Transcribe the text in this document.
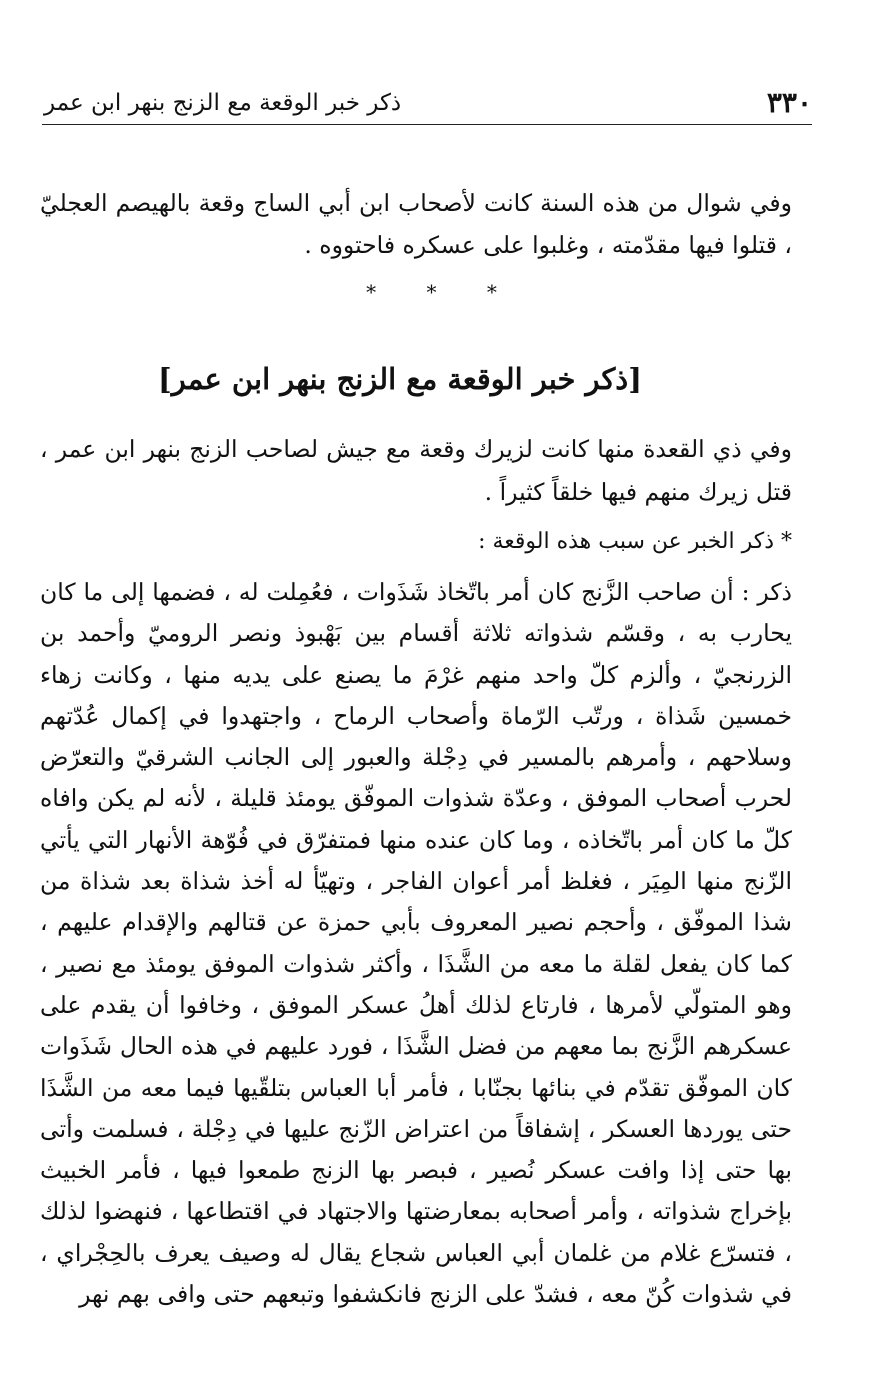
٣٣٠
ذكر خبر الوقعة مع الزنج بنهر ابن عمر
وفي شوال من هذه السنة كانت لأصحاب ابن أبي الساج وقعة بالهيصم العجليّ ، قتلوا فيها مقدّمته ، وغلبوا على عسكره فاحتووه .
* * *
[ذكر خبر الوقعة مع الزنج بنهر ابن عمر]
وفي ذي القعدة منها كانت لزيرك وقعة مع جيش لصاحب الزنج بنهر ابن عمر ، قتل زيرك منهم فيها خلقاً كثيراً .
* ذكر الخبر عن سبب هذه الوقعة :
ذكر : أن صاحب الزَّنج كان أمر باتّخاذ شَذَوات ، فعُمِلت له ، فضمها إلى ما كان يحارب به ، وقسّم شذواته ثلاثة أقسام بين بَهْبوذ ونصر الروميّ وأحمد بن الزرنجيّ ، وألزم كلّ واحد منهم غرْمَ ما يصنع على يديه منها ، وكانت زهاء خمسين شَذاة ، ورتّب الرّماة وأصحاب الرماح ، واجتهدوا في إكمال عُدّتهم وسلاحهم ، وأمرهم بالمسير في دِجْلة والعبور إلى الجانب الشرقيّ والتعرّض لحرب أصحاب الموفق ، وعدّة شذوات الموفّق يومئذ قليلة ، لأنه لم يكن وافاه كلّ ما كان أمر باتّخاذه ، وما كان عنده منها فمتفرّق في فُوّهة الأنهار التي يأتي الزّنج منها المِيَر ، فغلظ أمر أعوان الفاجر ، وتهيّأ له أخذ شذاة بعد شذاة من شذا الموفّق ، وأحجم نصير المعروف بأبي حمزة عن قتالهم والإقدام عليهم ، كما كان يفعل لقلة ما معه من الشَّذَا ، وأكثر شذوات الموفق يومئذ مع نصير ، وهو المتولّي لأمرها ، فارتاع لذلك أهلُ عسكر الموفق ، وخافوا أن يقدم على عسكرهم الزَّنج بما معهم من فضل الشَّذَا ، فورد عليهم في هذه الحال شَذَوات كان الموفّق تقدّم في بنائها بجنّابا ، فأمر أبا العباس بتلقّيها فيما معه من الشَّذَا حتى يوردها العسكر ، إشفاقاً من اعتراض الزّنج عليها في دِجْلة ، فسلمت وأتى بها حتى إذا وافت عسكر نُصير ، فبصر بها الزنج طمعوا فيها ، فأمر الخبيث بإخراج شذواته ، وأمر أصحابه بمعارضتها والاجتهاد في اقتطاعها ، فنهضوا لذلك ، فتسرّع غلام من غلمان أبي العباس شجاع يقال له وصيف يعرف بالحِجْراي ، في شذوات كُنّ معه ، فشدّ على الزنج فانكشفوا وتبعهم حتى وافى بهم نهر
